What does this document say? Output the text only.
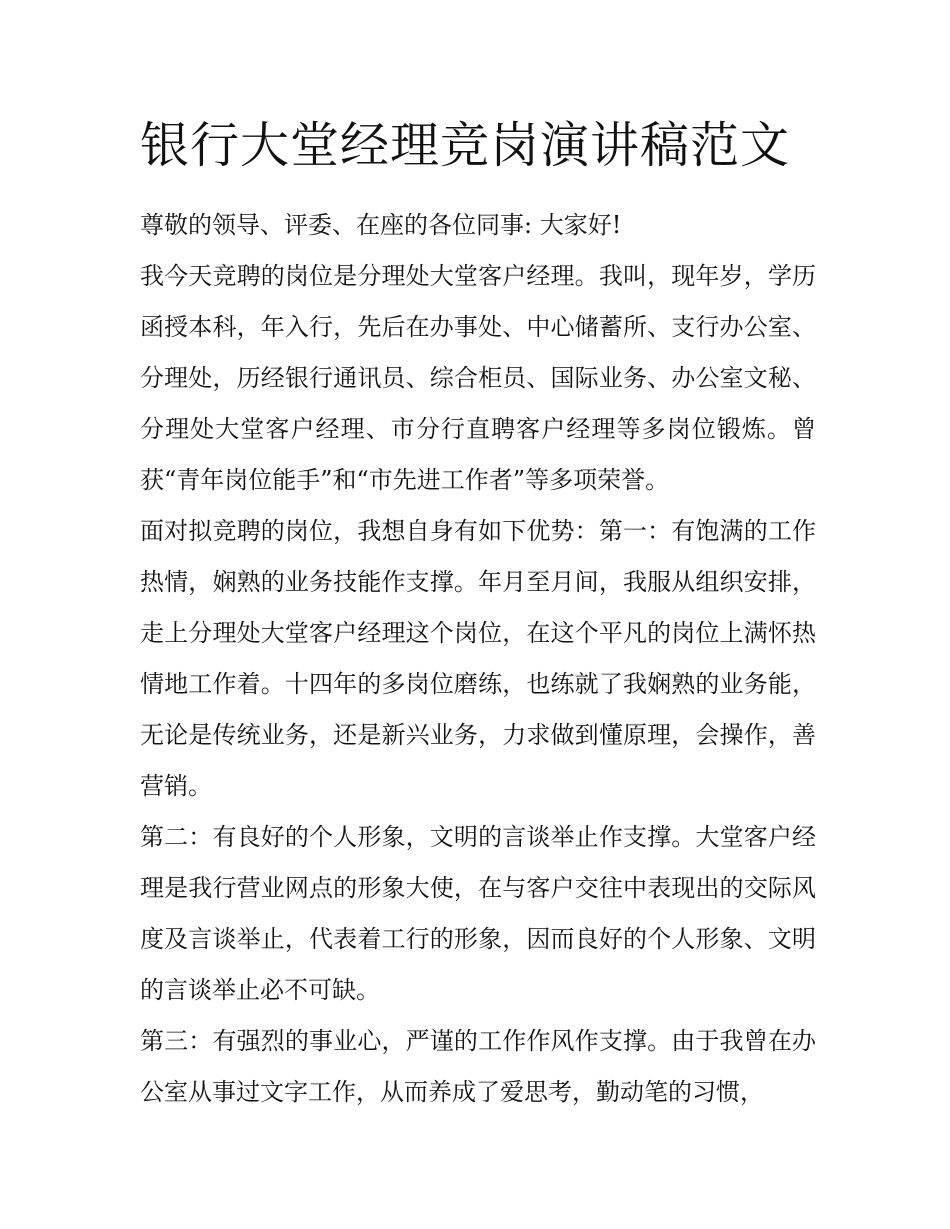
银行大堂经理竞岗演讲稿范文

尊敬的领导、评委、在座的各位同事: 大家好!

我今天竞聘的岗位是分理处大堂客户经理。我叫，现年岁，学历函授本科，年入行，先后在办事处、中心储蓄所、支行办公室、分理处，历经银行通讯员、综合柜员、国际业务、办公室文秘、分理处大堂客户经理、市分行直聘客户经理等多岗位锻炼。曾获“青年岗位能手”和“市先进工作者”等多项荣誉。

面对拟竞聘的岗位，我想自身有如下优势：第一：有饱满的工作热情，娴熟的业务技能作支撑。年月至月间，我服从组织安排，走上分理处大堂客户经理这个岗位，在这个平凡的岗位上满怀热情地工作着。十四年的多岗位磨练，也练就了我娴熟的业务能，无论是传统业务，还是新兴业务，力求做到懂原理，会操作，善营销。

第二：有良好的个人形象，文明的言谈举止作支撑。大堂客户经理是我行营业网点的形象大使，在与客户交往中表现出的交际风度及言谈举止，代表着工行的形象，因而良好的个人形象、文明的言谈举止必不可缺。

第三：有强烈的事业心，严谨的工作作风作支撑。由于我曾在办公室从事过文字工作，从而养成了爱思考，勤动笔的习惯，
